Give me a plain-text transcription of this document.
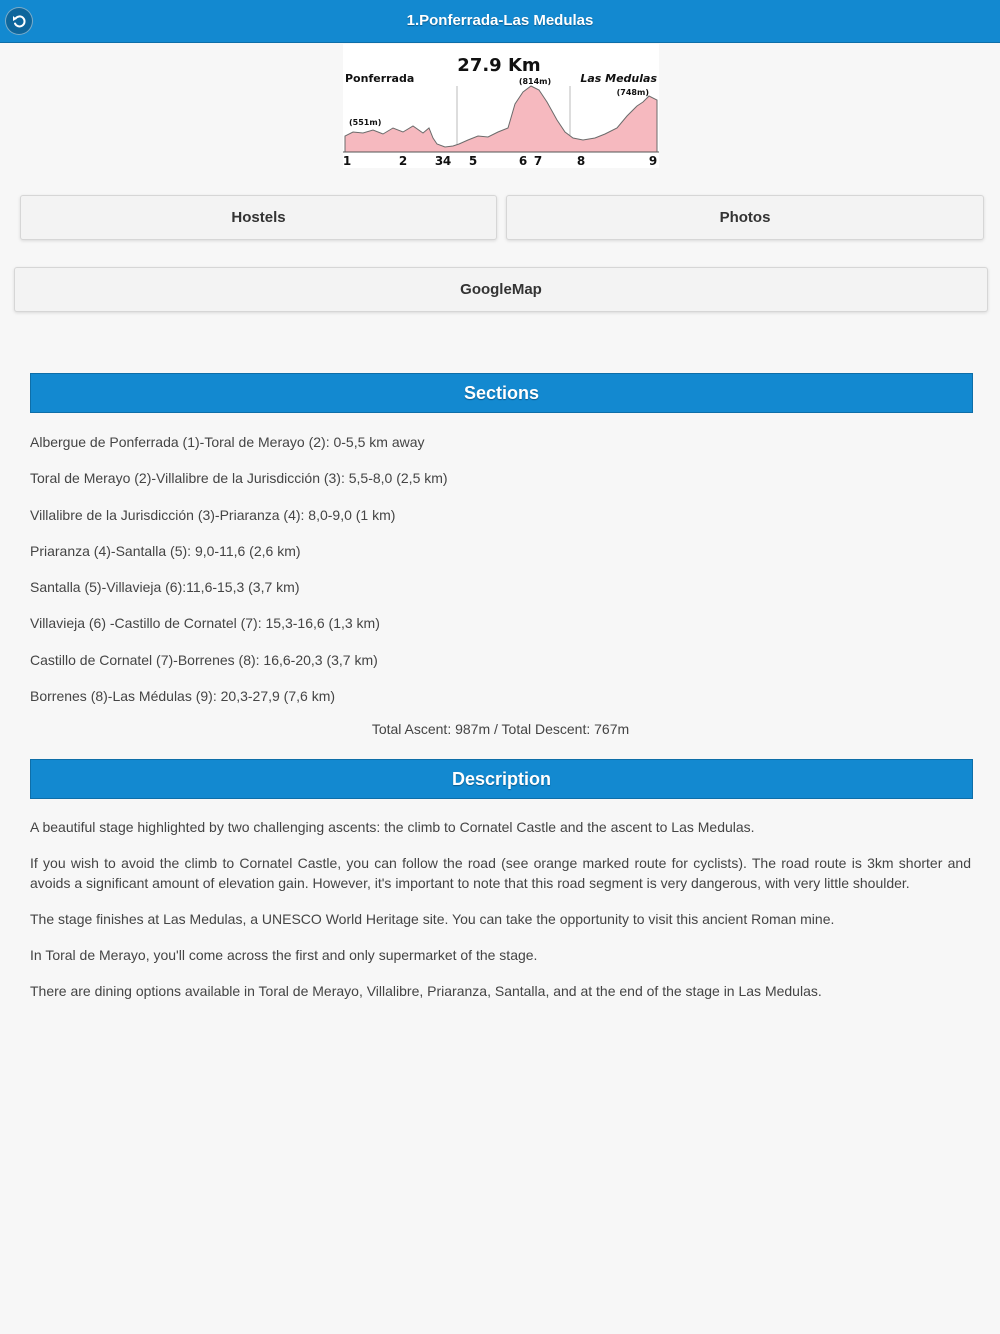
1.Ponferrada-Las Medulas
27.9 Km
Ponferrada	Las Medulas
(551m)
(814m)
(748m)
1	2 3 4 5	6 7	8	9
Hostels	Photos
GoogleMap
Sections
Albergue de Ponferrada (1)-Toral de Merayo (2): 0-5,5 km away
Toral de Merayo (2)-Villalibre de la Jurisdicción (3): 5,5-8,0 (2,5 km)
Villalibre de la Jurisdicción (3)-Priaranza (4): 8,0-9,0 (1 km)
Priaranza (4)-Santalla (5): 9,0-11,6 (2,6 km)
Santalla (5)-Villavieja (6):11,6-15,3 (3,7 km)
Villavieja (6) -Castillo de Cornatel (7): 15,3-16,6 (1,3 km)
Castillo de Cornatel (7)-Borrenes (8): 16,6-20,3 (3,7 km)
Borrenes (8)-Las Médulas (9): 20,3-27,9 (7,6 km)
Total Ascent: 987m / Total Descent: 767m
Description

A beautiful stage highlighted by two challenging ascents: the climb to Cornatel Castle and the ascent to Las Medulas.

If you wish to avoid the climb to Cornatel Castle, you can follow the road (see orange marked route for cyclists). The road route is 3km shorter and avoids a significant amount of elevation gain. However, it's important to note that this road segment is very dangerous, with very little shoulder.

The stage finishes at Las Medulas, a UNESCO World Heritage site. You can take the opportunity to visit this ancient Roman mine.

In Toral de Merayo, you'll come across the first and only supermarket of the stage.

There are dining options available in Toral de Merayo, Villalibre, Priaranza, Santalla, and at the end of the stage in Las Medulas.
